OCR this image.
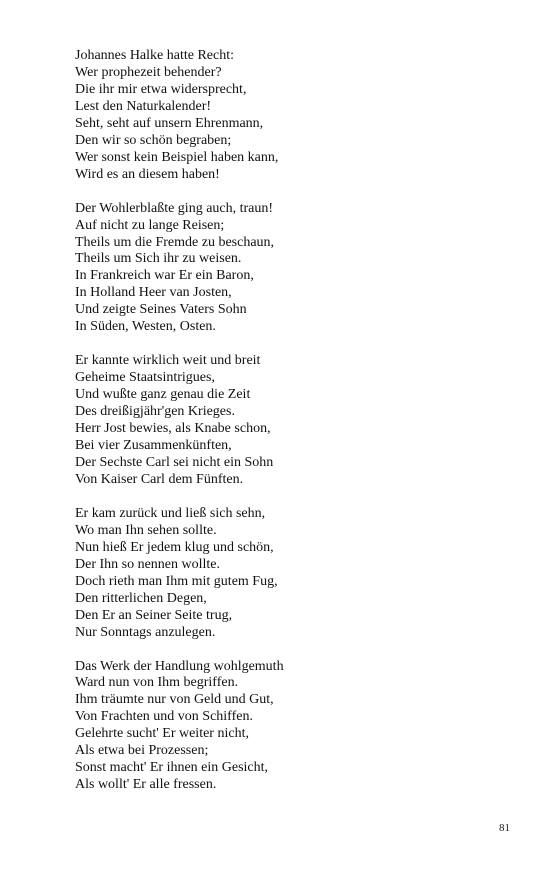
Johannes Halke hatte Recht:
Wer prophezeit behender?
Die ihr mir etwa widersprecht,
Lest den Naturkalender!
Seht, seht auf unsern Ehrenmann,
Den wir so schön begraben;
Wer sonst kein Beispiel haben kann,
Wird es an diesem haben!
Der Wohlerblaßte ging auch, traun!
Auf nicht zu lange Reisen;
Theils um die Fremde zu beschaun,
Theils um Sich ihr zu weisen.
In Frankreich war Er ein Baron,
In Holland Heer van Josten,
Und zeigte Seines Vaters Sohn
In Süden, Westen, Osten.
Er kannte wirklich weit und breit
Geheime Staatsintrigues,
Und wußte ganz genau die Zeit
Des dreißigjähr'gen Krieges.
Herr Jost bewies, als Knabe schon,
Bei vier Zusammenkünften,
Der Sechste Carl sei nicht ein Sohn
Von Kaiser Carl dem Fünften.
Er kam zurück und ließ sich sehn,
Wo man Ihn sehen sollte.
Nun hieß Er jedem klug und schön,
Der Ihn so nennen wollte.
Doch rieth man Ihm mit gutem Fug,
Den ritterlichen Degen,
Den Er an Seiner Seite trug,
Nur Sonntags anzulegen.
Das Werk der Handlung wohlgemuth
Ward nun von Ihm begriffen.
Ihm träumte nur von Geld und Gut,
Von Frachten und von Schiffen.
Gelehrte sucht' Er weiter nicht,
Als etwa bei Prozessen;
Sonst macht' Er ihnen ein Gesicht,
Als wollt' Er alle fressen.
81
